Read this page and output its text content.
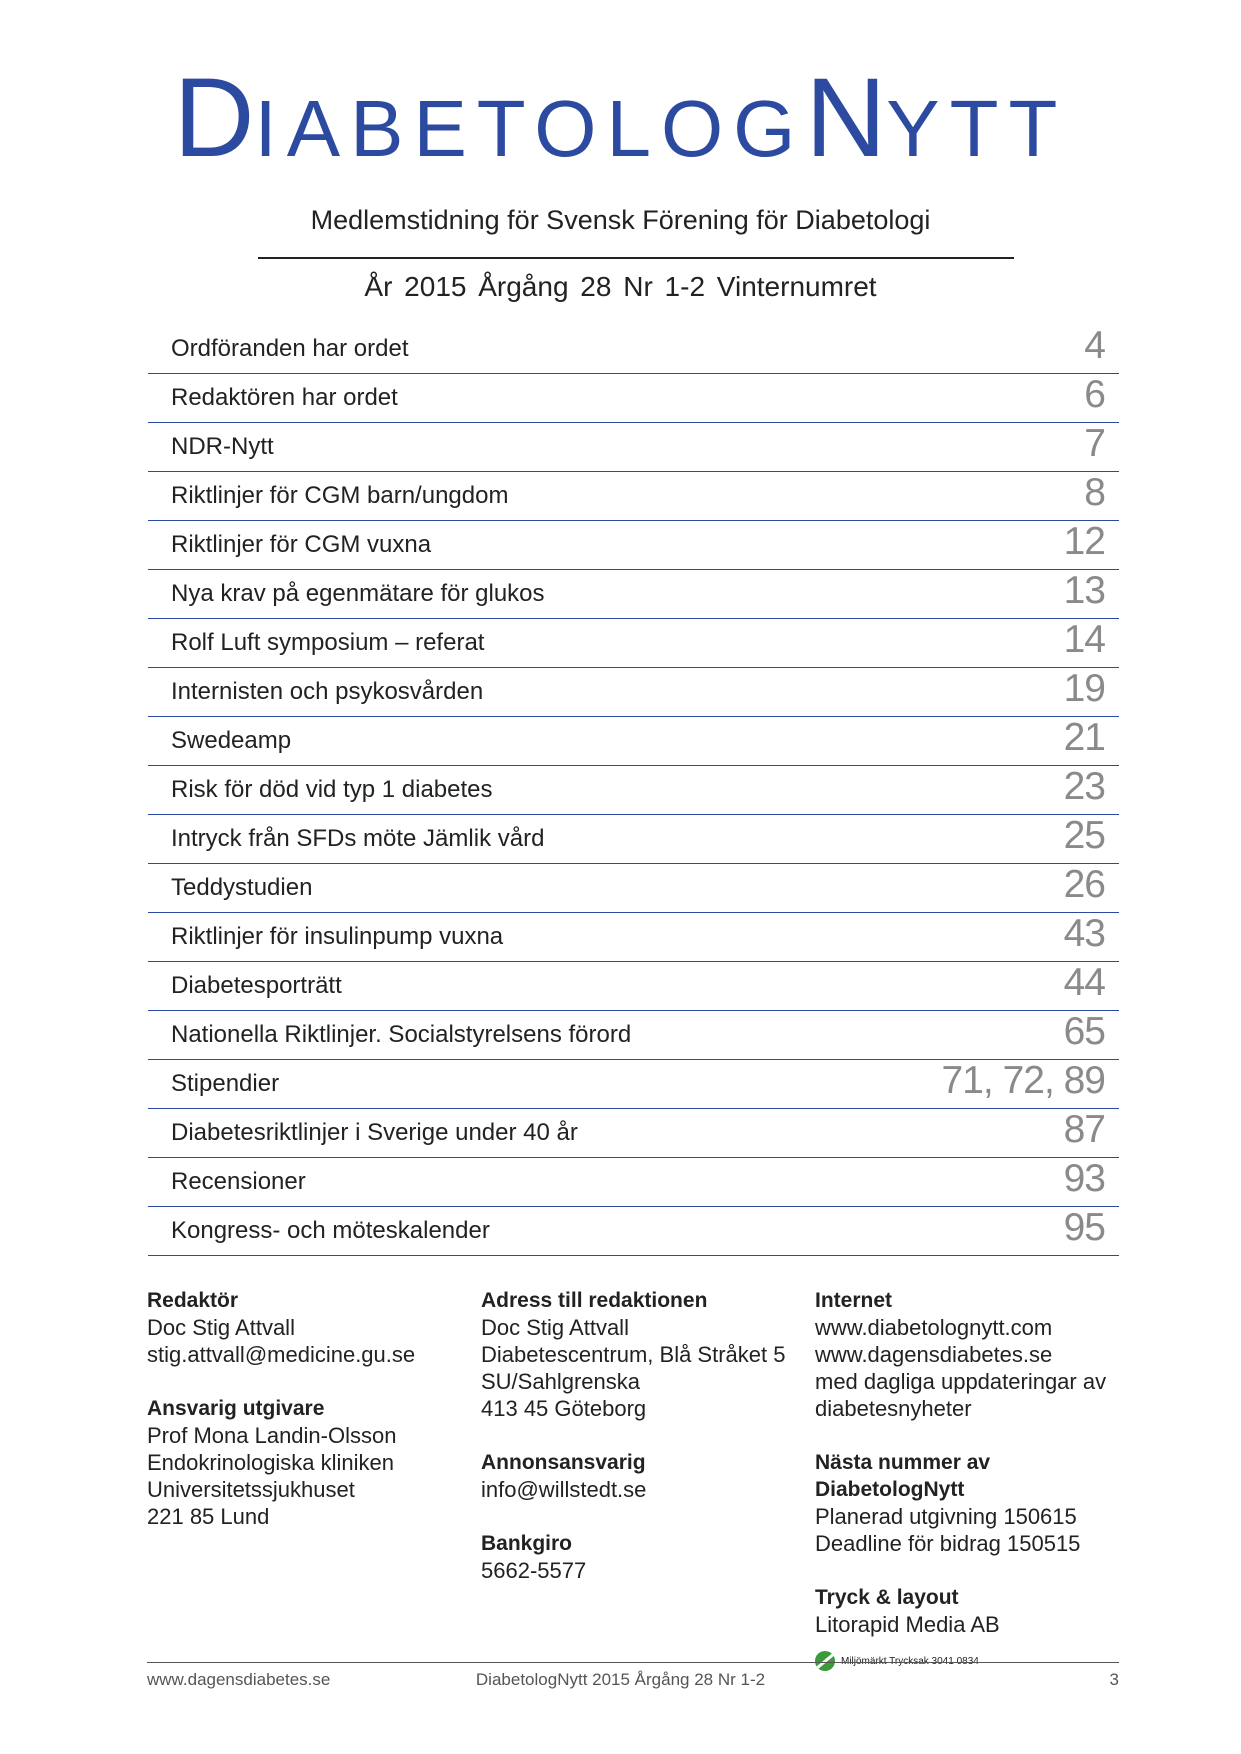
DIABETOLOGNYTT
Medlemstidning för Svensk Förening för Diabetologi
År 2015 Årgång 28 Nr 1-2 Vinternumret
Ordföranden har ordet	4
Redaktören har ordet	6
NDR-Nytt	7
Riktlinjer för CGM barn/ungdom	8
Riktlinjer för CGM vuxna	12
Nya krav på egenmätare för glukos	13
Rolf Luft symposium – referat	14
Internisten och psykosvården	19
Swedeamp	21
Risk för död vid typ 1 diabetes	23
Intryck från SFDs möte Jämlik vård	25
Teddystudien	26
Riktlinjer för insulinpump vuxna	43
Diabetesporträtt	44
Nationella Riktlinjer. Socialstyrelsens förord	65
Stipendier	71, 72, 89
Diabetesriktlinjer i Sverige under 40 år	87
Recensioner	93
Kongress- och möteskalender	95
Redaktör
Doc Stig Attvall
stig.attvall@medicine.gu.se
Ansvarig utgivare
Prof Mona Landin-Olsson
Endokrinologiska kliniken
Universitetssjukhuset
221 85 Lund
Adress till redaktionen
Doc Stig Attvall
Diabetescentrum, Blå Stråket 5
SU/Sahlgrenska
413 45 Göteborg
Annonsansvarig
info@willstedt.se
Bankgiro
5662-5577
Internet
www.diabetolognytt.com
www.dagensdiabetes.se
med dagliga uppdateringar av
diabetesnyheter
Nästa nummer av DiabetologNytt
Planerad utgivning 150615
Deadline för bidrag 150515
Tryck & layout
Litorapid Media AB
Miljömärkt Trycksak 3041 0834
www.dagensdiabetes.se	DiabetologNytt 2015 Årgång 28 Nr 1-2	3
